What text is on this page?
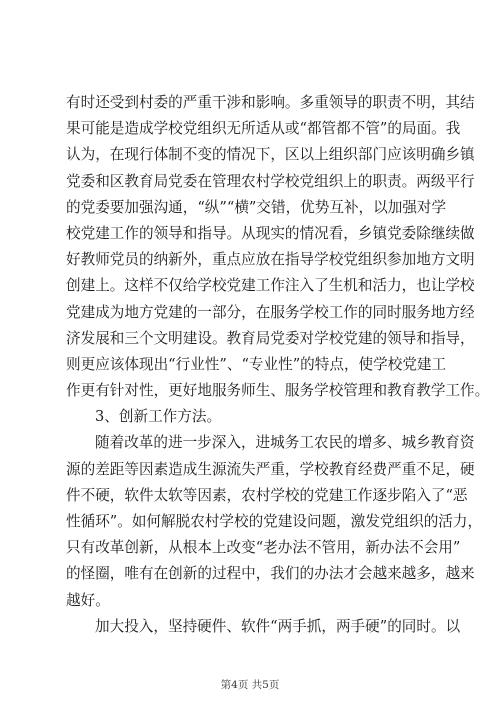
有时还受到村委的严重干涉和影响。多重领导的职责不明，其结
果可能是造成学校党组织无所适从或“都管都不管”的局面。我
认为，在现行体制不变的情况下，区以上组织部门应该明确乡镇
党委和区教育局党委在管理农村学校党组织上的职责。两级平行
的党委要加强沟通，“纵”“横”交错，优势互补，以加强对学
校党建工作的领导和指导。从现实的情况看，乡镇党委除继续做
好教师党员的纳新外，重点应放在指导学校党组织参加地方文明
创建上。这样不仅给学校党建工作注入了生机和活力，也让学校
党建成为地方党建的一部分，在服务学校工作的同时服务地方经
济发展和三个文明建设。教育局党委对学校党建的领导和指导，
则更应该体现出“行业性”、“专业性”的特点，使学校党建工
作更有针对性，更好地服务师生、服务学校管理和教育教学工作。
3、创新工作方法。
随着改革的进一步深入，进城务工农民的增多、城乡教育资
源的差距等因素造成生源流失严重，学校教育经费严重不足，硬
件不硬，软件太软等因素，农村学校的党建工作逐步陷入了“恶
性循环”。如何解脱农村学校的党建设问题，激发党组织的活力，
只有改革创新，从根本上改变“老办法不管用，新办法不会用”
的怪圈，唯有在创新的过程中，我们的办法才会越来越多，越来
越好。
加大投入，坚持硬件、软件“两手抓，两手硬”的同时。以
第4页 共5页
